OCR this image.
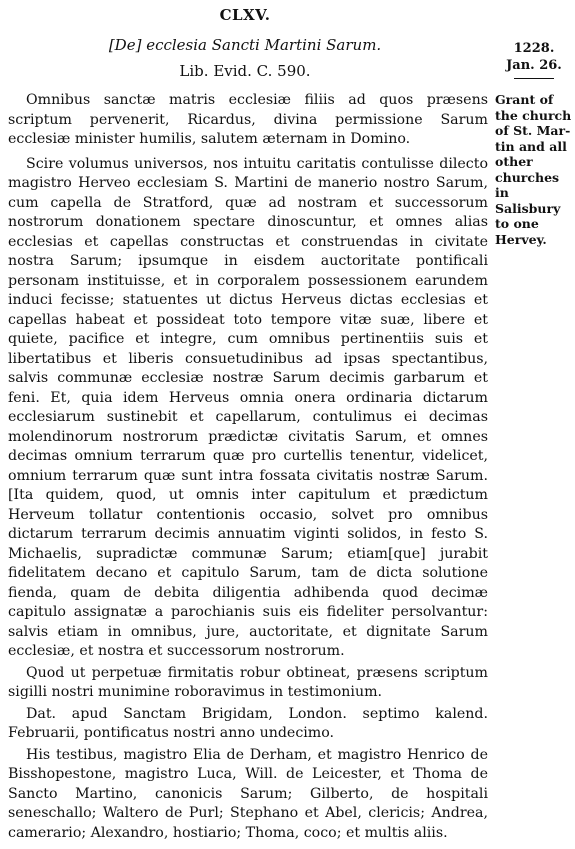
CLXV.
[De] ecclesia Sancti Martini Sarum.
Lib. Evid. C. 590.
1228.
Jan. 26.
Grant of
the church
of St. Mar-
tin and all
other
churches in
Salisbury
to one
Hervey.

Omnibus sanctæ matris ecclesiæ filiis ad quos præsens scriptum pervenerit, Ricardus, divina permissione Sarum ecclesiæ minister humilis, salutem æternam in Domino.

Scire volumus universos, nos intuitu caritatis contulisse dilecto magistro Herveo ecclesiam S. Martini de manerio nostro Sarum, cum capella de Stratford, quæ ad nostram et successorum nostrorum donationem spectare dinoscuntur, et omnes alias ecclesias et capellas constructas et construendas in civitate nostra Sarum; ipsumque in eisdem auctoritate pontificali personam instituisse, et in corporalem possessionem earundem induci fecisse; statuentes ut dictus Herveus dictas ecclesias et capellas habeat et possideat toto tempore vitæ suæ, libere et quiete, pacifice et integre, cum omnibus pertinentiis suis et libertatibus et liberis consuetudinibus ad ipsas spectantibus, salvis communæ ecclesiæ nostræ Sarum decimis garbarum et feni. Et, quia idem Herveus omnia onera ordinaria dictarum ecclesiarum sustinebit et capellarum, contulimus ei decimas molendinorum nostrorum prædictæ civitatis Sarum, et omnes decimas omnium terrarum quæ pro curtellis tenentur, videlicet, omnium terrarum quæ sunt intra fossata civitatis nostræ Sarum. [Ita quidem, quod, ut omnis inter capitulum et prædictum Herveum tollatur contentionis occasio, solvet pro omnibus dictarum terrarum decimis annuatim viginti solidos, in festo S. Michaelis, supradictæ communæ Sarum; etiam[que] jurabit fidelitatem decano et capitulo Sarum, tam de dicta solutione fienda, quam de debita diligentia adhibenda quod decimæ capitulo assignatæ a parochianis suis eis fideliter persolvantur: salvis etiam in omnibus, jure, auctoritate, et dignitate Sarum ecclesiæ, et nostra et successorum nostrorum.

Quod ut perpetuæ firmitatis robur obtineat, præsens scriptum sigilli nostri munimine roboravimus in testimonium.

Dat. apud Sanctam Brigidam, London. septimo kalend. Februarii, pontificatus nostri anno undecimo.

His testibus, magistro Elia de Derham, et magistro Henrico de Bisshopestone, magistro Luca, Will. de Leicester, et Thoma de Sancto Martino, canonicis Sarum; Gilberto, de hospitali seneschallo; Waltero de Purl; Stephano et Abel, clericis; Andrea, camerario; Alexandro, hostiario; Thoma, coco; et multis aliis.
